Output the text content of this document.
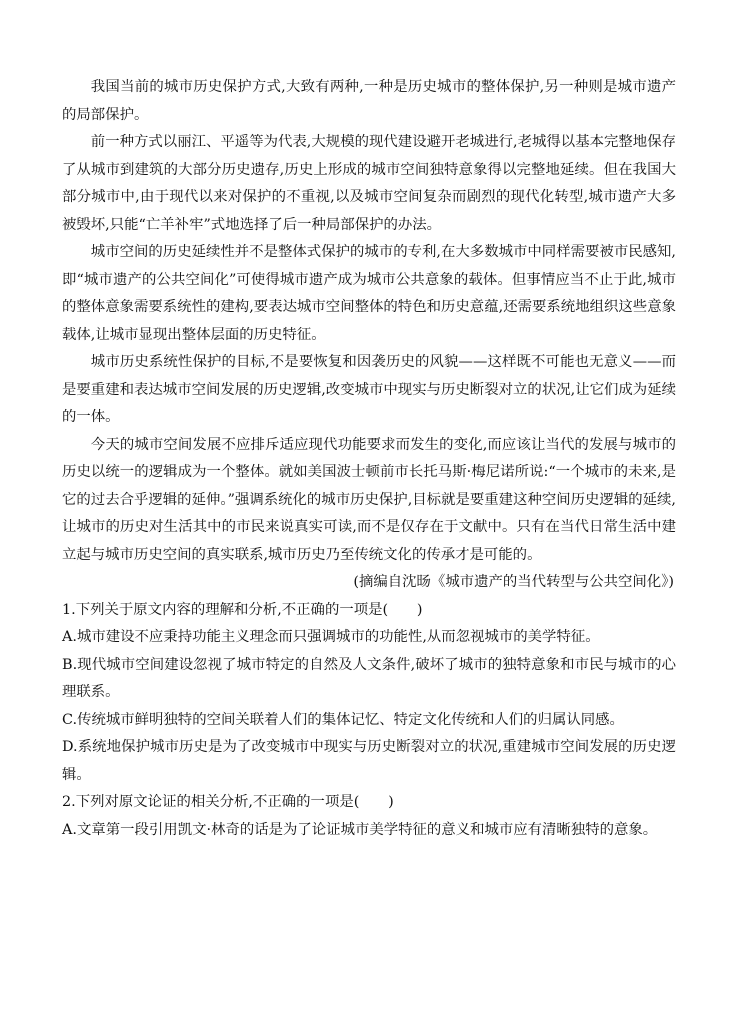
我国当前的城市历史保护方式,大致有两种,一种是历史城市的整体保护,另一种则是城市遗产的局部保护。

前一种方式以丽江、平遥等为代表,大规模的现代建设避开老城进行,老城得以基本完整地保存了从城市到建筑的大部分历史遗存,历史上形成的城市空间独特意象得以完整地延续。但在我国大部分城市中,由于现代以来对保护的不重视,以及城市空间复杂而剧烈的现代化转型,城市遗产大多被毁坏,只能“亡羊补牢”式地选择了后一种局部保护的办法。

城市空间的历史延续性并不是整体式保护的城市的专利,在大多数城市中同样需要被市民感知,即“城市遗产的公共空间化”可使得城市遗产成为城市公共意象的载体。但事情应当不止于此,城市的整体意象需要系统性的建构,要表达城市空间整体的特色和历史意蕴,还需要系统地组织这些意象载体,让城市显现出整体层面的历史特征。

城市历史系统性保护的目标,不是要恢复和因袭历史的风貌——这样既不可能也无意义——而是要重建和表达城市空间发展的历史逻辑,改变城市中现实与历史断裂对立的状况,让它们成为延续的一体。

今天的城市空间发展不应排斥适应现代功能要求而发生的变化,而应该让当代的发展与城市的历史以统一的逻辑成为一个整体。就如美国波士顿前市长托马斯·梅尼诺所说:“一个城市的未来,是它的过去合乎逻辑的延伸。”强调系统化的城市历史保护,目标就是要重建这种空间历史逻辑的延续,让城市的历史对生活其中的市民来说真实可读,而不是仅存在于文献中。只有在当代日常生活中建立起与城市历史空间的真实联系,城市历史乃至传统文化的传承才是可能的。

(摘编自沈旸《城市遗产的当代转型与公共空间化》)

1.下列关于原文内容的理解和分析,不正确的一项是(　　)

A.城市建设不应秉持功能主义理念而只强调城市的功能性,从而忽视城市的美学特征。

B.现代城市空间建设忽视了城市特定的自然及人文条件,破坏了城市的独特意象和市民与城市的心理联系。

C.传统城市鲜明独特的空间关联着人们的集体记忆、特定文化传统和人们的归属认同感。

D.系统地保护城市历史是为了改变城市中现实与历史断裂对立的状况,重建城市空间发展的历史逻辑。

2.下列对原文论证的相关分析,不正确的一项是(　　)

A.文章第一段引用凯文·林奇的话是为了论证城市美学特征的意义和城市应有清晰独特的意象。
